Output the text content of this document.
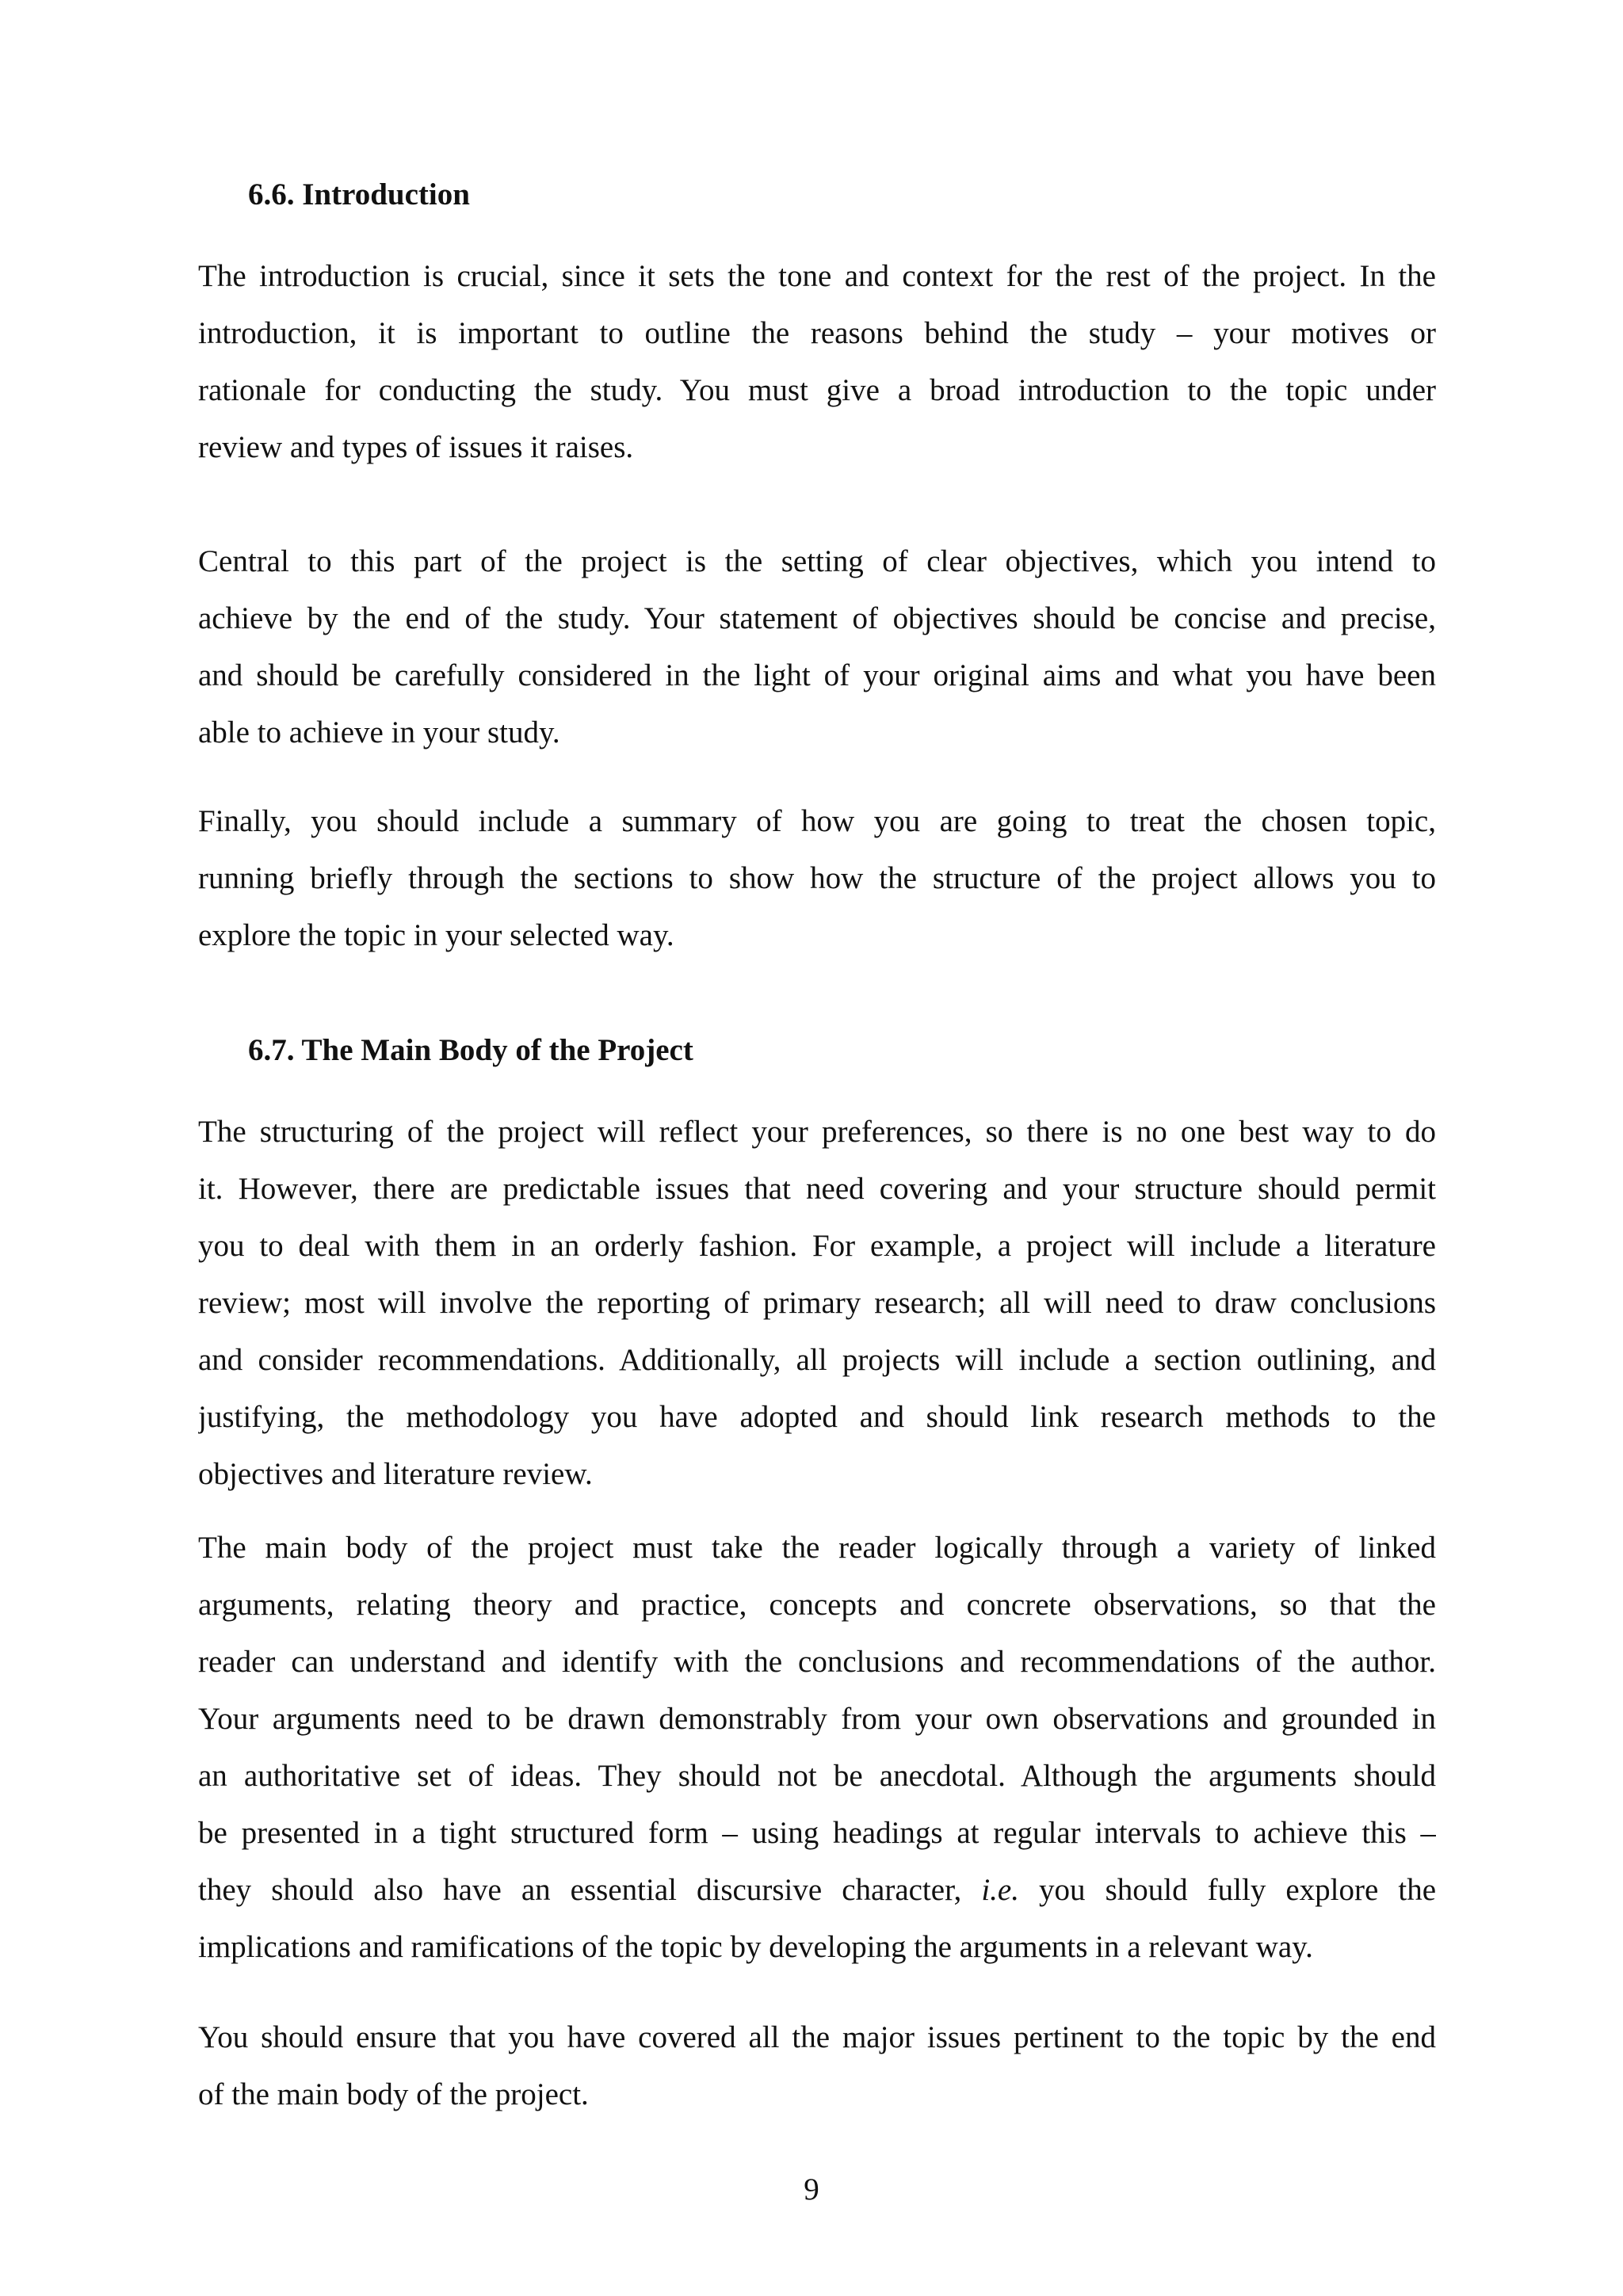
6.6. Introduction
The introduction is crucial, since it sets the tone and context for the rest of the project. In the
introduction, it is important to outline the reasons behind the study – your motives or
rationale for conducting the study. You must give a broad introduction to the topic under
review and types of issues it raises.
Central to this part of the project is the setting of clear objectives, which you intend to
achieve by the end of the study. Your statement of objectives should be concise and precise,
and should be carefully considered in the light of your original aims and what you have been
able to achieve in your study.
Finally, you should include a summary of how you are going to treat the chosen topic,
running briefly through the sections to show how the structure of the project allows you to
explore the topic in your selected way.
6.7. The Main Body of the Project
The structuring of the project will reflect your preferences, so there is no one best way to do
it. However, there are predictable issues that need covering and your structure should permit
you to deal with them in an orderly fashion. For example, a project will include a literature
review; most will involve the reporting of primary research; all will need to draw conclusions
and consider recommendations. Additionally, all projects will include a section outlining, and
justifying, the methodology you have adopted and should link research methods to the
objectives and literature review.
The main body of the project must take the reader logically through a variety of linked
arguments, relating theory and practice, concepts and concrete observations, so that the
reader can understand and identify with the conclusions and recommendations of the author.
Your arguments need to be drawn demonstrably from your own observations and grounded in
an authoritative set of ideas. They should not be anecdotal. Although the arguments should
be presented in a tight structured form – using headings at regular intervals to achieve this –
they should also have an essential discursive character, i.e. you should fully explore the
implications and ramifications of the topic by developing the arguments in a relevant way.
You should ensure that you have covered all the major issues pertinent to the topic by the end
of the main body of the project.
9
